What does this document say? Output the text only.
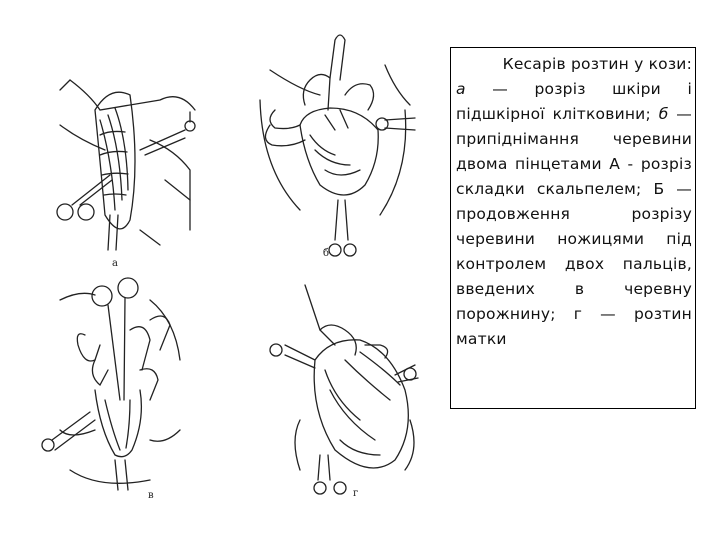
а
б
в	г
Кесарів розтин у кози:
а — розріз шкіри і підшкірної клітковини; б — припіднімання черевини двома пінцетами А - розріз складки скальпелем; Б — продовження розрізу черевини ножицями під контролем двох пальців, введених в черевну порожнину; г — розтин матки
